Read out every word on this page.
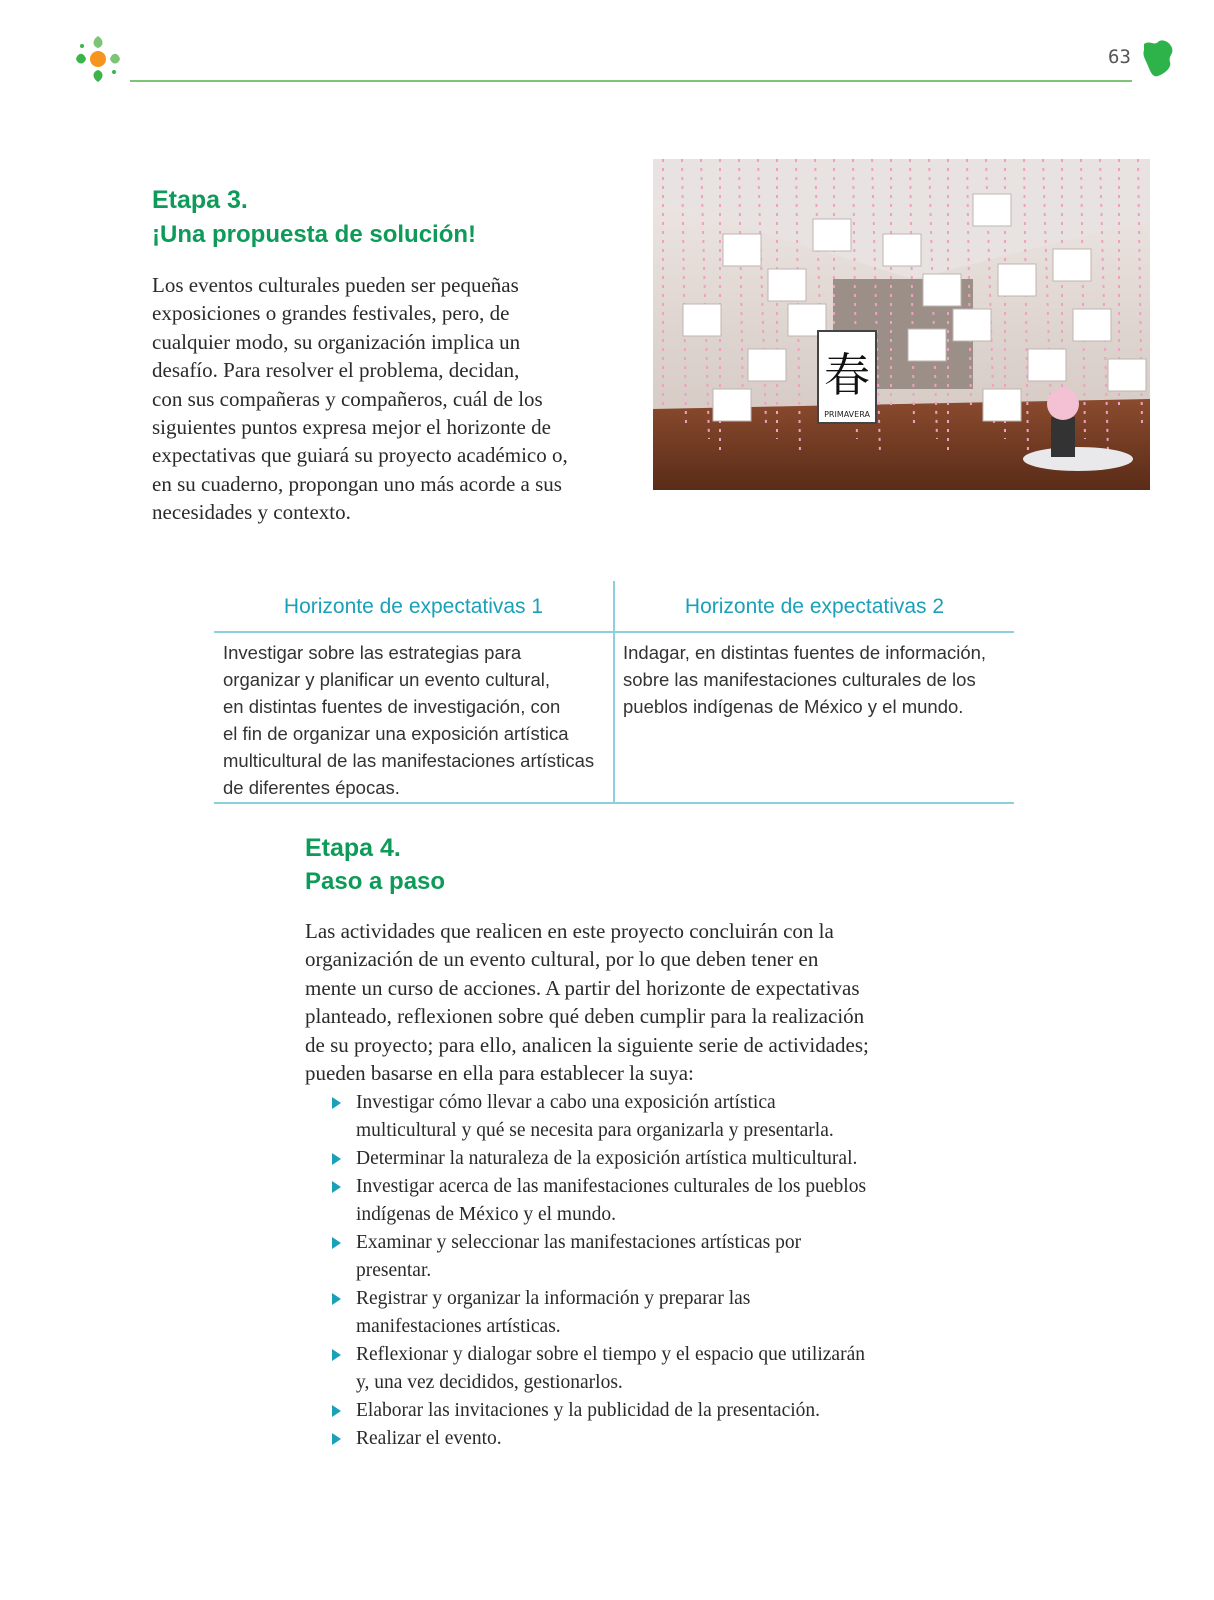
63
Etapa 3.
¡Una propuesta de solución!

Los eventos culturales pueden ser pequeñas
exposiciones o grandes festivales, pero, de
cualquier modo, su organización implica un
desafío. Para resolver el problema, decidan,
con sus compañeras y compañeros, cuál de los
siguientes puntos expresa mejor el horizonte de
expectativas que guiará su proyecto académico o,
en su cuaderno, propongan uno más acorde a sus
necesidades y contexto.

春
PRIMAVERA
Horizonte de expectativas 1	Horizonte de expectativas 2
Investigar sobre las estrategias para
organizar y planificar un evento cultural,
en distintas fuentes de investigación, con
el fin de organizar una exposición artística
multicultural de las manifestaciones artísticas
de diferentes épocas.
Indagar, en distintas fuentes de información,
sobre las manifestaciones culturales de los
pueblos indígenas de México y el mundo.
Etapa 4.
Paso a paso

Las actividades que realicen en este proyecto concluirán con la
organización de un evento cultural, por lo que deben tener en
mente un curso de acciones. A partir del horizonte de expectativas
planteado, reflexionen sobre qué deben cumplir para la realización
de su proyecto; para ello, analicen la siguiente serie de actividades;
pueden basarse en ella para establecer la suya:

Investigar cómo llevar a cabo una exposición artística
multicultural y qué se necesita para organizarla y presentarla.
Determinar la naturaleza de la exposición artística multicultural.
Investigar acerca de las manifestaciones culturales de los pueblos
indígenas de México y el mundo.
Examinar y seleccionar las manifestaciones artísticas por
presentar.
Registrar y organizar la información y preparar las
manifestaciones artísticas.
Reflexionar y dialogar sobre el tiempo y el espacio que utilizarán
y, una vez decididos, gestionarlos.
Elaborar las invitaciones y la publicidad de la presentación.
Realizar el evento.
